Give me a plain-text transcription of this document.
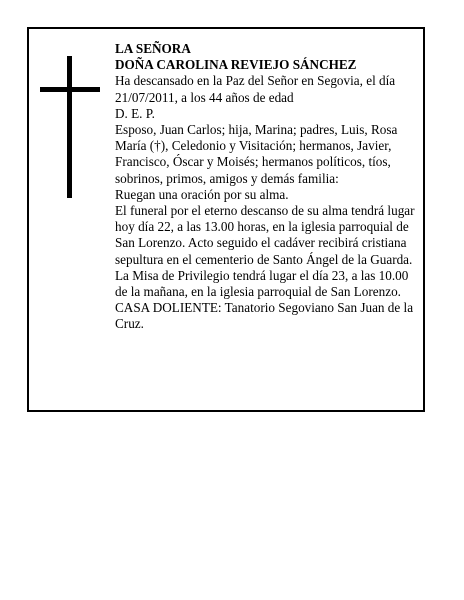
LA SEÑORA

DOÑA CAROLINA REVIEJO SÁNCHEZ

Ha descansado en la Paz del Señor en Segovia, el día 21/07/2011, a los 44 años de edad

D. E. P.

Esposo, Juan Carlos; hija, Marina; padres, Luis, Rosa María (†), Celedonio y Visitación; hermanos, Javier, Francisco, Óscar y Moisés; hermanos políticos, tíos, sobrinos, primos, amigos y demás familia:

Ruegan una oración por su alma.

El funeral por el eterno descanso de su alma tendrá lugar hoy día 22, a las 13.00 horas, en la iglesia parroquial de San Lorenzo. Acto seguido el cadáver recibirá cristiana sepultura en el cementerio de Santo Ángel de la Guarda.

La Misa de Privilegio tendrá lugar el día 23, a las 10.00 de la mañana, en la iglesia parroquial de San Lorenzo.

CASA DOLIENTE: Tanatorio Segoviano San Juan de la Cruz.
